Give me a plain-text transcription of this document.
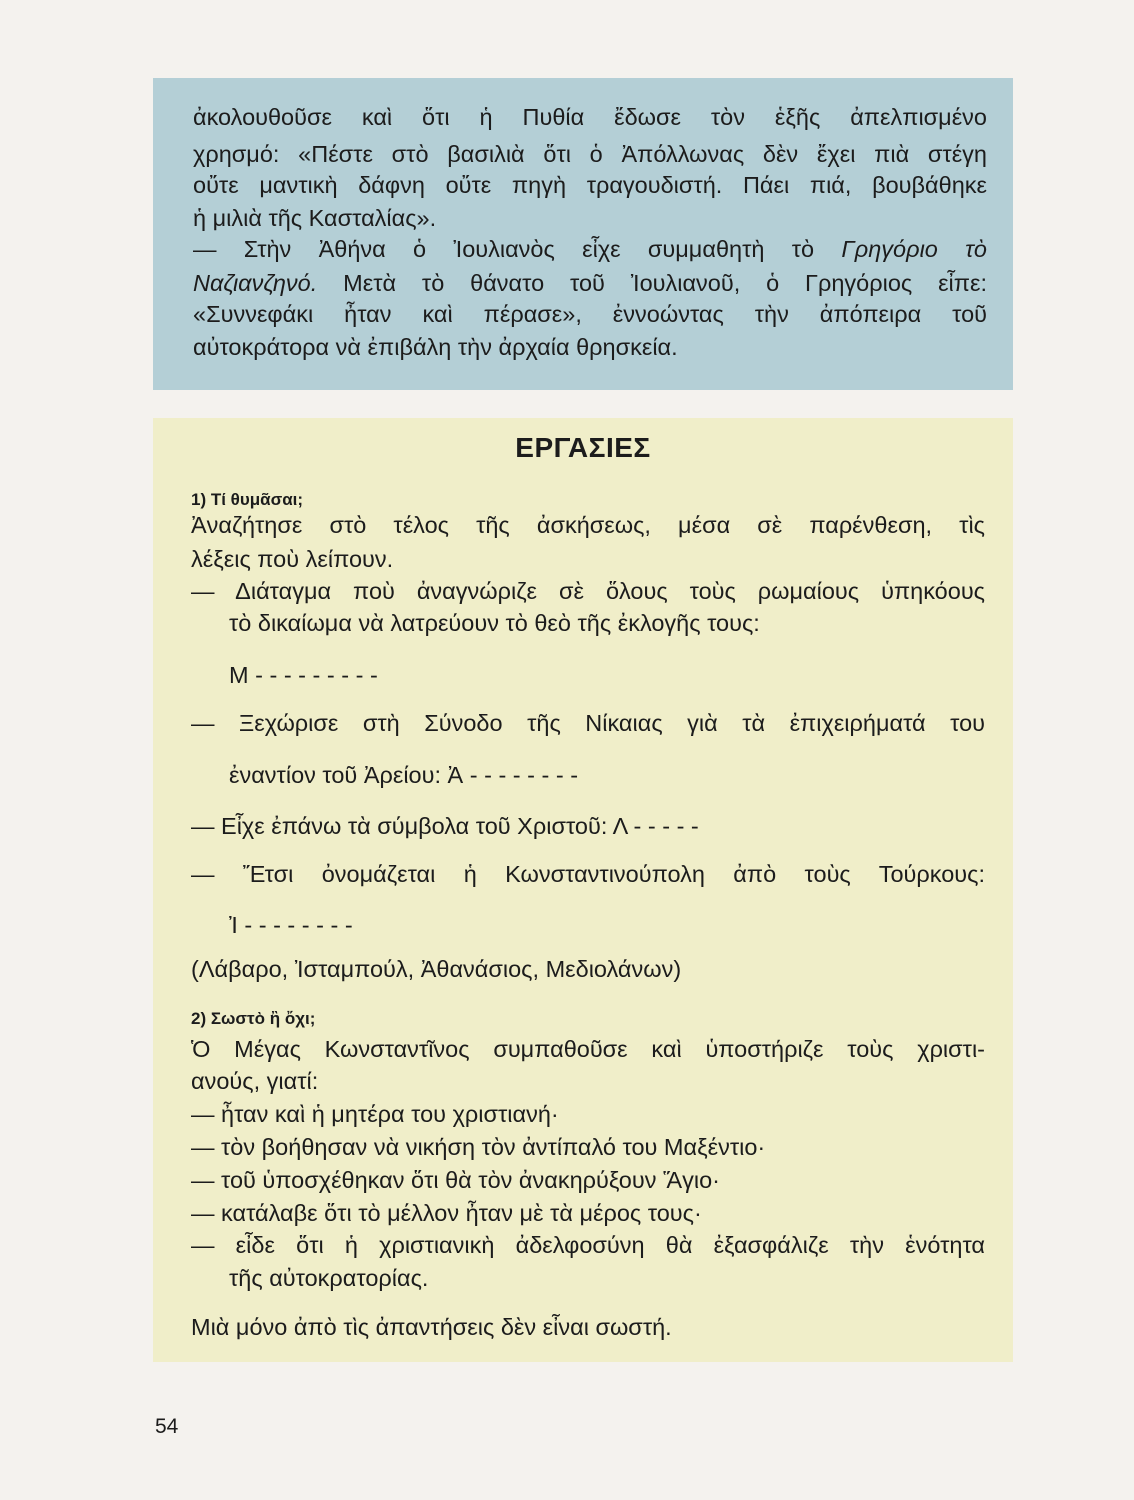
ἀκολουθοῦσε καὶ ὅτι ἡ Πυθία ἔδωσε τὸν ἑξῆς ἀπελπισμένο
χρησμό: «Πέστε στὸ βασιλιὰ ὅτι ὁ Ἀπόλλωνας δὲν ἔχει πιὰ στέγη
οὔτε μαντικὴ δάφνη οὔτε πηγὴ τραγουδιστή. Πάει πιά, βουβάθηκε
ἡ μιλιὰ τῆς Κασταλίας».
— Στὴν Ἀθήνα ὁ Ἰουλιανὸς εἶχε συμμαθητὴ τὸ Γρηγόριο τὸ
Ναζιανζηνό. Μετὰ τὸ θάνατο τοῦ Ἰουλιανοῦ, ὁ Γρηγόριος εἶπε:
«Συννεφάκι ἦταν καὶ πέρασε», ἐννοώντας τὴν ἀπόπειρα τοῦ
αὐτοκράτορα νὰ ἐπιβάλη τὴν ἀρχαία θρησκεία.
ΕΡΓΑΣΙΕΣ
1) Τί θυμᾶσαι;
Ἀναζήτησε στὸ τέλος τῆς ἀσκήσεως, μέσα σὲ παρένθεση, τὶς
λέξεις ποὺ λείπουν.
— Διάταγμα ποὺ ἀναγνώριζε σὲ ὅλους τοὺς ρωμαίους ὑπηκόους
τὸ δικαίωμα νὰ λατρεύουν τὸ θεὸ τῆς ἐκλογῆς τους:
Μ - - - - - - - - -
— Ξεχώρισε στὴ Σύνοδο τῆς Νίκαιας γιὰ τὰ ἐπιχειρήματά του
ἐναντίον τοῦ Ἀρείου: Ἀ - - - - - - - -
— Εἶχε ἐπάνω τὰ σύμβολα τοῦ Χριστοῦ: Λ - - - - -
— Ἔτσι ὀνομάζεται ἡ Κωνσταντινούπολη ἀπὸ τοὺς Τούρκους:
Ἰ - - - - - - - -
(Λάβαρο, Ἰσταμπούλ, Ἀθανάσιος, Μεδιολάνων)
2) Σωστὸ ἢ ὄχι;
Ὁ Μέγας Κωνσταντῖνος συμπαθοῦσε καὶ ὑποστήριζε τοὺς χριστι-
ανούς, γιατί:
— ἦταν καὶ ἡ μητέρα του χριστιανή·
— τὸν βοήθησαν νὰ νικήση τὸν ἀντίπαλό του Μαξέντιο·
— τοῦ ὑποσχέθηκαν ὅτι θὰ τὸν ἀνακηρύξουν Ἅγιο·
— κατάλαβε ὅτι τὸ μέλλον ἦταν μὲ τὰ μέρος τους·
— εἶδε ὅτι ἡ χριστιανικὴ ἀδελφοσύνη θὰ ἐξασφάλιζε τὴν ἑνότητα
τῆς αὐτοκρατορίας.
Μιὰ μόνο ἀπὸ τὶς ἀπαντήσεις δὲν εἶναι σωστή.
54
